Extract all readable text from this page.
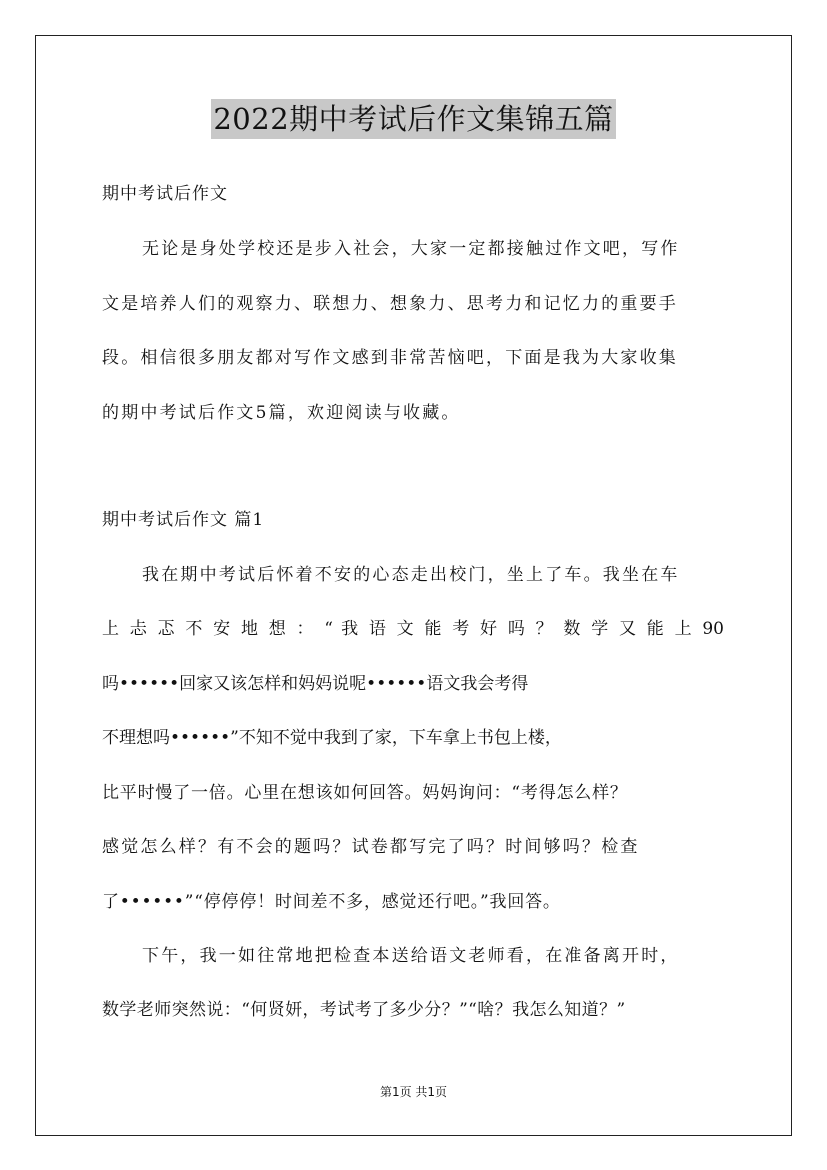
2022期中考试后作文集锦五篇
期中考试后作文
无论是身处学校还是步入社会，大家一定都接触过作文吧，写作
文是培养人们的观察力、联想力、想象力、思考力和记忆力的重要手
段。相信很多朋友都对写作文感到非常苦恼吧，下面是我为大家收集
的期中考试后作文5篇，欢迎阅读与收藏。
期中考试后作文 篇1
我在期中考试后怀着不安的心态走出校门，坐上了车。我坐在车
上 忐 忑 不 安 地 想 ： “ 我 语 文 能 考 好 吗 ？ 数 学 又 能 上 90
吗••••••回家又该怎样和妈妈说呢••••••语文我会考得
不理想吗••••••”不知不觉中我到了家，下车拿上书包上楼，
比平时慢了一倍。心里在想该如何回答。妈妈询问：“考得怎么样？
感觉怎么样？有不会的题吗？试卷都写完了吗？时间够吗？检查
了••••••”“停停停！时间差不多，感觉还行吧。”我回答。
下午，我一如往常地把检查本送给语文老师看，在准备离开时，
数学老师突然说：“何贤妍，考试考了多少分？”“啥？我怎么知道？”
第1页 共1页
